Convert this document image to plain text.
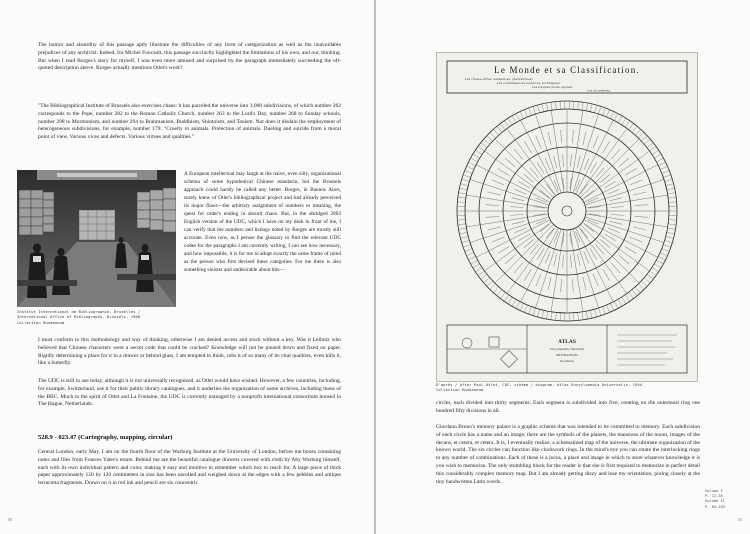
The humor and absurdity of this passage aptly illustrate the difficulties of any form of categorization as well as the unavoidable prejudices of any archivist. Indeed, for Michel Foucault, this passage succinctly highlighted the limitations of his own, and our, thinking. But when I read Borges's story for myself, I was even more amused and surprised by the paragraph immediately succeeding the oft-quoted description above. Borges actually mentions Otlet's work?

"The Bibliographical Institute of Brussels also exercises chaos: it has parceled the universe into 1,000 subdivisions, of which number 262 corresponds to the Pope, number 282 to the Roman Catholic Church, number 263 to the Lord's Day, number 268 to Sunday schools, number 298 to Mormonism, and number 294 to Brahmanism, Buddhism, Shintoism, and Taoism. Nor does it disdain the employment of heterogeneous subdivisions, for example, number 179: "Cruelty to animals. Protection of animals. Dueling and suicide from a moral point of view. Various vices and defects. Various virtues and qualities."

Institut International de Bibliographie, Bruxelles /
International Office of Bibliography, Brussels, 1900
Collection Mundaneum

A European intellectual may laugh at the naive, even silly, organizational schema of some hypothetical Chinese mandarin, but the Brussels approach could hardly be called any better. Borges, in Buenos Aires, surely knew of Otlet's bibliographical project and had already perceived its major flaws—the arbitrary assignment of numbers to meaning, the quest for order's ending in absurd chaos. But, in the abridged 2003 English version of the UDC, which I have on my desk in front of me, I can verify that the numbers and listings noted by Borges are mostly still accurate. Even now, as I peruse the glossary to find the relevant UDC codes for the paragraphs I am currently writing, I can see how necessary, and how impossible, it is for me to adopt exactly the same frame of mind as the person who first devised these categories. For me there is also something sinister and undesirable about this—

I must conform to this methodology and way of thinking, otherwise I am denied access and stuck without a key. Was it Leibniz who believed that Chinese characters were a secret code that could be cracked? Knowledge will not be pinned down and fixed on paper. Rigidly determining a place for it in a drawer or behind glass, I am tempted to think, robs it of so many of its vital qualities, even kills it, like a butterfly.

The UDC is still in use today, although it is not universally recognized, as Otlet would have wished. However, a few countries, including, for example, Switzerland, use it for their public library catalogues, and it underlies the organization of some archives, including those of the BBC. Much in the spirit of Otlet and La Fontaine, the UDC is currently managed by a nonprofit international consortium housed in The Hague, Netherlands.

528.9 - 023.47 (Cartography, mapping, circular)

Central London, early May. I am on the fourth floor of the Warburg Institute at the University of London, before me boxes containing notes and files from Frances Yates's estate. Behind me are the beautiful catalogue drawers covered with cloth by Aby Warburg himself, each with its own individual pattern and color, making it easy and intuitive to remember which box to reach for. A large piece of thick paper approximately 120 by 120 centimeters in size has been unrolled and weighed down at the edges with a few pebbles and antique terracotta fragments. Drawn on it in red ink and pencil are six concentric

50
Le Monde et sa Classification.
Les choses (êtres, substances, phénomènes).
Les connaissances (sciences, techniques).
Les langues (mots, signes).
Les documents.
ATLAS
Encyclopaedia Universalis
MUNDANEUM
Documenta

D'après / After Paul Otlet, CDC, schéma / diagram, Atlas Encyclopedia Universalis, 1944
Collection Mundaneum

circles, each divided into thirty segments. Each segment is subdivided into five, creating on the outermost ring one hundred fifty divisions in all.

Giordano Bruno's memory palace is a graphic scheme that was intended to be committed to memory. Each subdivision of each circle has a name and an image; there are the symbols of the planets, the mansions of the moon, images of the decans, et cetera, et cetera. It is, I eventually realize, a schematized map of the universe, the ultimate organization of the known world. The six circles can function like clockwork rings. In the mind's eye you can rotate the interlocking rings to any number of combinations. Each of these is a locus, a place and image in which to store whatever knowledge it is you wish to memorize. The only stumbling block for the reader is that she is first required to memorize in perfect detail this considerably complex memory map. But I am already getting dizzy and lose my orientation, poring closely at the tiny handwritten Latin words.

Volume I
P. 22-35
Volume II
P. 85-103

51
